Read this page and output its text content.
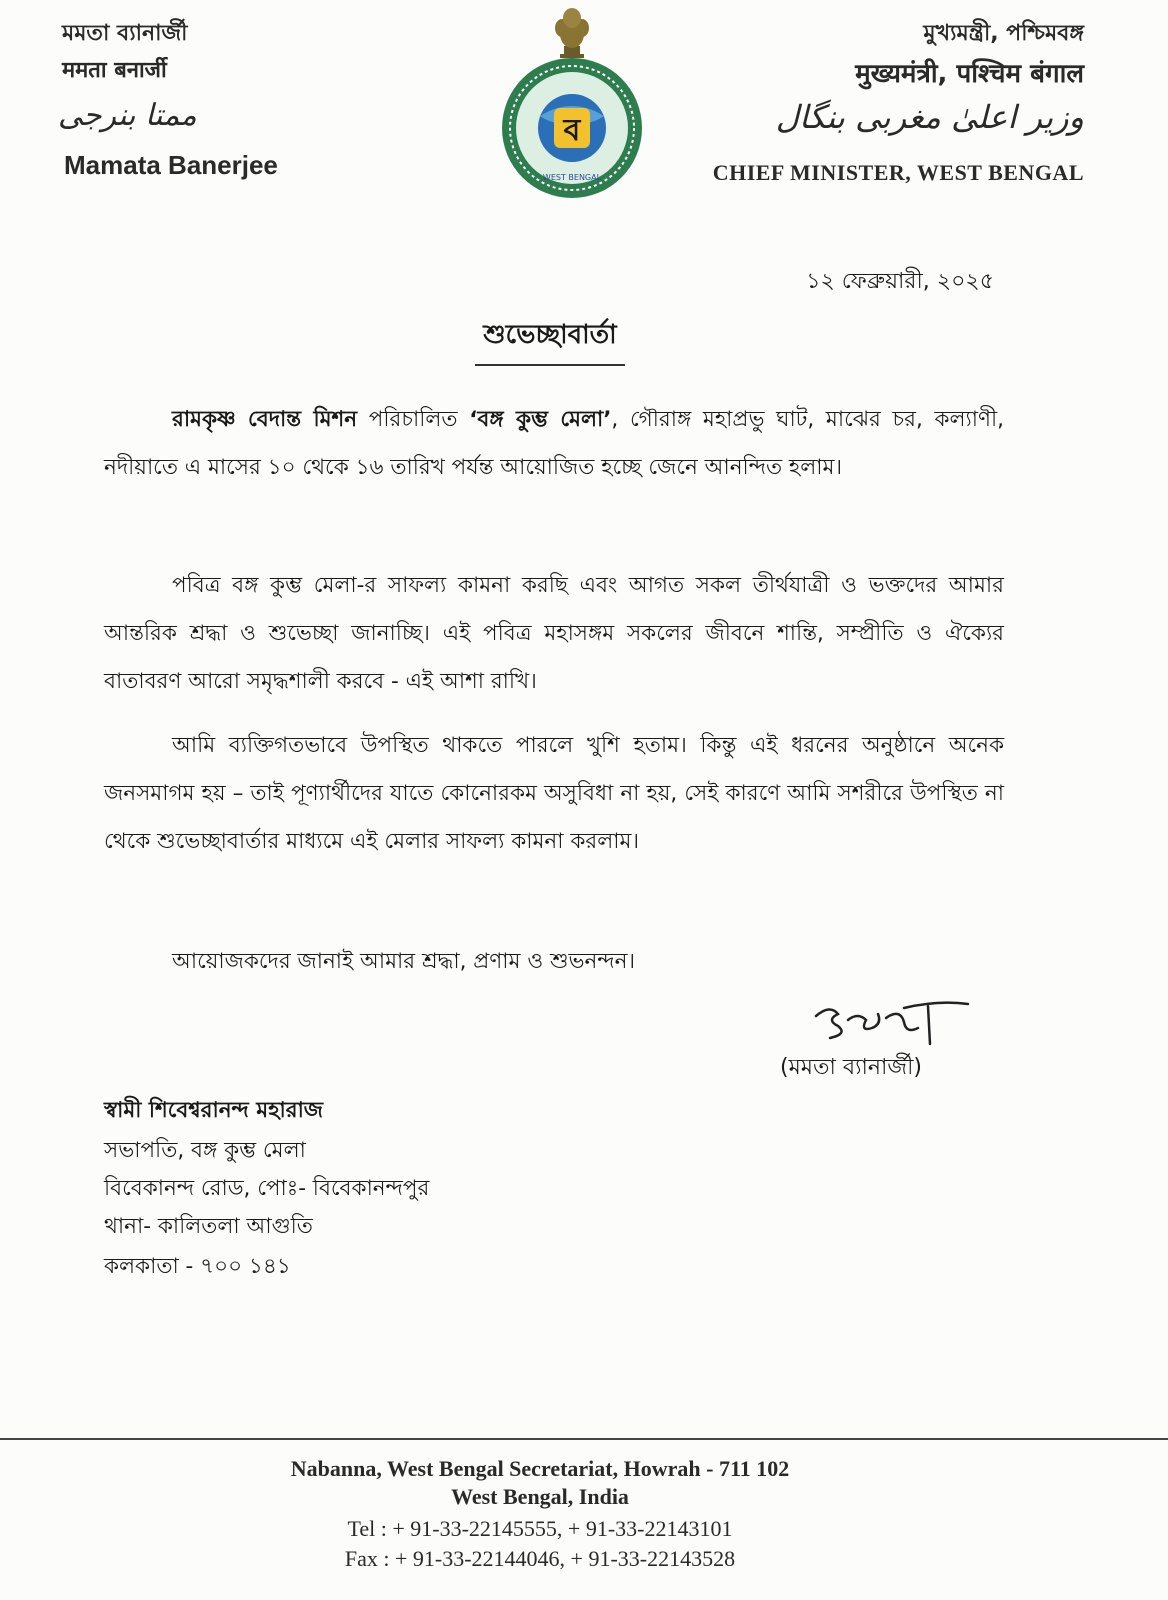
মমতা ব্যানার্জী
ममता बनार्जी
ممتا بنرجی
Mamata Banerjee
ব
WEST BENGAL
মুখ্যমন্ত্রী, পশ্চিমবঙ্গ
मुख्यमंत्री, पश्चिम बंगाल
وزیر اعلیٰ مغربی بنگال
CHIEF MINISTER, WEST BENGAL
১২ ফেব্রুয়ারী, ২০২৫
শুভেচ্ছাবার্তা
রামকৃষ্ণ বেদান্ত মিশন পরিচালিত ‘বঙ্গ কুম্ভ মেলা’, গৌরাঙ্গ মহাপ্রভু ঘাট, মাঝের চর, কল্যাণী, নদীয়াতে এ মাসের ১০ থেকে ১৬ তারিখ পর্যন্ত আয়োজিত হচ্ছে জেনে আনন্দিত হলাম।
পবিত্র বঙ্গ কুম্ভ মেলা-র সাফল্য কামনা করছি এবং আগত সকল তীর্থযাত্রী ও ভক্তদের আমার আন্তরিক শ্রদ্ধা ও শুভেচ্ছা জানাচ্ছি। এই পবিত্র মহাসঙ্গম সকলের জীবনে শান্তি, সম্প্রীতি ও ঐক্যের বাতাবরণ আরো সমৃদ্ধশালী করবে - এই আশা রাখি।
আমি ব্যক্তিগতভাবে উপস্থিত থাকতে পারলে খুশি হতাম। কিন্তু এই ধরনের অনুষ্ঠানে অনেক জনসমাগম হয় – তাই পূণ্যার্থীদের যাতে কোনোরকম অসুবিধা না হয়, সেই কারণে আমি সশরীরে উপস্থিত না থেকে শুভেচ্ছাবার্তার মাধ্যমে এই মেলার সাফল্য কামনা করলাম।
আয়োজকদের জানাই আমার শ্রদ্ধা, প্রণাম ও শুভনন্দন।
(মমতা ব্যানার্জী)
স্বামী শিবেশ্বরানন্দ মহারাজ
সভাপতি, বঙ্গ কুম্ভ মেলা
বিবেকানন্দ রোড, পোঃ- বিবেকানন্দপুর
থানা- কালিতলা আগুতি
কলকাতা - ৭০০ ১৪১
Nabanna, West Bengal Secretariat, Howrah - 711 102
West Bengal, India
Tel : + 91-33-22145555, + 91-33-22143101
Fax : + 91-33-22144046, + 91-33-22143528
